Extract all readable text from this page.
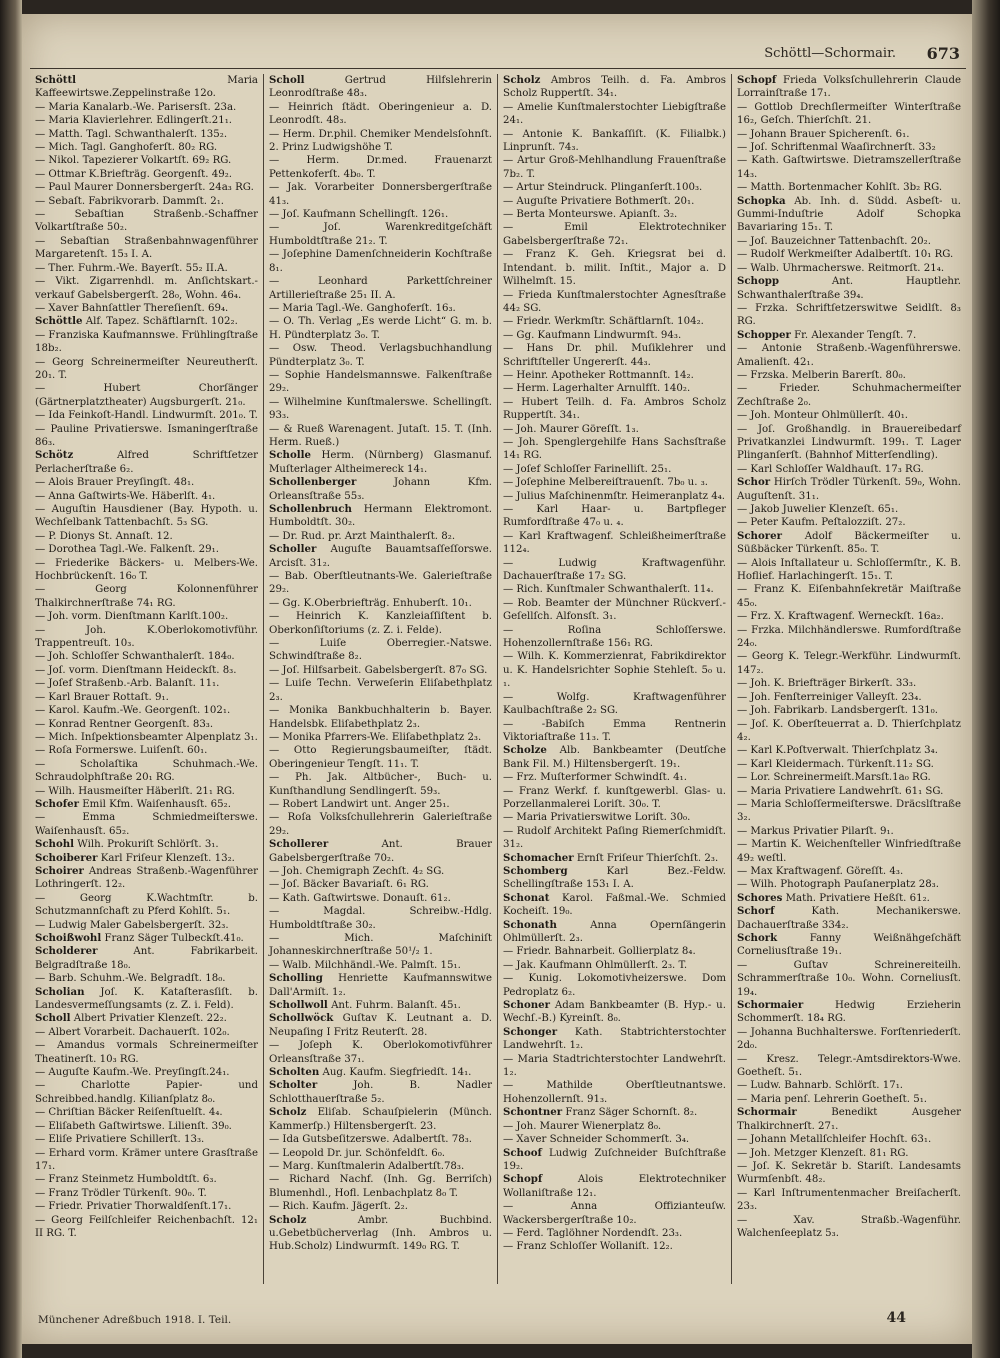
Schöttl—Schormair. 673
Schöttl	Maria Kaffeewirtswe.Zeppelinstraße 12o.
— Maria Kanalarb.-We. Parisersſt. 23a.
— Maria Klavierlehrer. Edlingerſt.21₁.
— Matth. Tagl. Schwanthalerſt. 135₂.
— Mich. Tagl. Ganghoferſt. 80₂ RG.
— Nikol. Tapezierer Volkartſt. 69₂ RG.
— Ottmar K.Briefträg. Georgenſt. 49₂.
— Paul Maurer Donnersbergerſt. 24a₃ RG.
— Sebaſt. Fabrikvorarb. Dammſt. 2₁.
— Sebaſtian Straßenb.-Schaffner Volkartſtraße 50₂.
— Sebaſtian Straßenbahnwagenführer Margaretenſt. 15₃ I. A.
— Ther. Fuhrm.-We. Bayerſt. 55₂ II.A.
— Vikt. Zigarrenhdl. m. Anſichtskart.-verkauf Gabelsbergerſt. 28₀, Wohn. 46₄.
— Xaver Bahnſattler Thereſienſt. 69₄.
Schöttle Alf. Tapez. Schäftlarnſt. 102₂.
— Franziska Kaufmannswe. Frühlingſtraße 18b₂.
— Georg Schreinermeiſter Neureutherſt. 20₁. T.
— Hubert Chorſänger (Gärtnerplatztheater) Augsburgerſt. 21₀.
— Ida Feinkoſt-Handl. Lindwurmſt. 201₀. T.
— Pauline Privatierswe. Ismaningerſtraße 86₃.
Schötz	Alfred Schriftſetzer Perlacherſtraße 6₂.
— Alois Brauer Preyſingſt. 48₁.
— Anna Gaſtwirts-We. Häberlſt. 4₁.
— Auguſtin Hausdiener (Bay. Hypoth. u. Wechſelbank Tattenbachſt. 5₃ SG.
— P. Dionys St. Annaſt. 12.
— Dorothea Tagl.-We. Falkenſt. 29₁.
— Friederike Bäckers- u. Melbers-We. Hochbrückenſt. 16₀ T.
— Georg Kolonnenführer Thalkirchnerſtraße 74₁ RG.
— Joh. vorm. Dienſtmann Karlſt.100₂.
— Joh. K.Oberlokomotivführ. Trappentreuſt. 10₃.
— Joh. Schloſſer Schwanthalerſt. 184₀.
— Joſ. vorm. Dienſtmann Heideckſt. 8₃.
— Joſef Straßenb.-Arb. Balanſt. 11₁.
— Karl Brauer Rottaſt. 9₁.
— Karol. Kaufm.-We. Georgenſt. 102₁.
— Konrad Rentner Georgenſt. 83₃.
— Mich. Inſpektionsbeamter Alpenplatz 3₁.
— Roſa Formerswe. Luiſenſt. 60₁.
— Scholaſtika Schuhmach.-We. Schraudolphſtraße 20₁ RG.
— Wilh. Hausmeiſter Häberlſt. 21₁ RG.
Schofer Emil Kfm. Waiſenhausſt. 65₂.
— Emma Schmiedmeiſterswe. Waiſenhausſt. 65₂.
Schohl Wilh. Prokuriſt Schlörſt. 3₁.
Schoiberer Karl Friſeur Klenzeſt. 13₂.
Schoirer Andreas Straßenb.-Wagenführer Lothringerſt. 12₂.
— Georg K.Wachtmſtr. b. Schutzmannſchaft zu Pferd Kohlſt. 5₁.
— Ludwig Maler Gabelsbergerſt. 32₃.
Schoißwohl Franz Säger Tulbeckſt.41₀.
Scholderer	Ant. Fabrikarbeit. Belgradſtraße 18₀.
— Barb. Schuhm.-We. Belgradſt. 18₀.
Scholian Joſ. K. Kataſterasſiſt. b. Landesvermeſſungsamts (z. Z. i. Feld).
Scholl Albert Privatier Klenzeſt. 22₂.
— Albert Vorarbeit. Dachauerſt. 102₀.
— Amandus vormals Schreinermeiſter Theatinerſt. 10₃ RG.
— Auguſte Kaufm.-We. Preyſingſt.24₁.
— Charlotte Papier- und Schreibbed.handlg. Kilianſplatz 8₀.
— Chriſtian Bäcker Reiſenſtuelſt. 4₄.
— Eliſabeth Gaſtwirtswe. Lilienſt. 39₀.
— Eliſe Privatiere Schillerſt. 13₃.
— Erhard vorm. Krämer untere Grasſtraße 17₁.
— Franz Steinmetz Humboldtſt. 6₃.
— Franz Trödler Türkenſt. 90₀. T.
— Friedr. Privatier Thorwaldſenſt.17₁.
— Georg Feilſchleifer Reichenbachſt. 12₁ II RG. T.
Scholl	Gertrud Hilfslehrerin Leonrodſtraße 48₃.
— Heinrich ſtädt. Oberingenieur a. D. Leonrodſt. 48₃.
— Herm. Dr.phil. Chemiker Mendelsſohnſt. 2. Prinz Ludwigshöhe T.
— Herm. Dr.med. Frauenarzt Pettenkoferſt. 4b₀. T.
— Jak. Vorarbeiter Donnersbergerſtraße 41₃.
— Joſ. Kaufmann Schellingſt. 126₁.
— Joſ. Warenkreditgeſchäft Humboldtſtraße 21₂. T.
— Joſephine Damenſchneiderin Kochſtraße 8₁.
— Leonhard Parkettſchreiner Artillerieſtraße 25₁ II. A.
— Maria Tagl.-We. Ganghoferſt. 16₃.
— O. Th. Verlag „Es werde Licht“ G. m. b. H. Pündterplatz 3₀. T.
— Osw. Theod. Verlagsbuchhandlung Pündterplatz 3₀. T.
— Sophie Handelsmannswe. Falkenſtraße 29₂.
— Wilhelmine Kunſtmalerswe. Schellingſt. 93₃.
— & Rueß Warenagent. Jutaſt. 15. T. (Inh. Herm. Rueß.)
Scholle Herm. (Nürnberg) Glasmanuf. Muſterlager Altheimereck 14₁.
Schollenberger	Johann Kfm. Orleansſtraße 55₃.
Schollenbruch Hermann Elektromont. Humboldtſt. 30₂.
— Dr. Rud. pr. Arzt Mainthalerſt. 8₂.
Scholler Auguſte Bauamtsaſſeſſorswe. Arcisſt. 31₂.
— Bab. Oberſtleutnants-We. Galerieſtraße 29₂.
— Gg. K.Oberbriefträg. Enhuberſt. 10₁.
— Heinrich K. Kanzleiaſſiſtent b. Oberkonſiſtoriums (z. Z. i. Felde).
— Luiſe Oberregier.-Natswe. Schwindſtraße 8₂.
— Joſ. Hilfsarbeit. Gabelsbergerſt. 87₀ SG.
— Luiſe Techn. Verweſerin Eliſabethplatz 2₃.
— Monika Bankbuchhalterin b. Bayer. Handelsbk. Eliſabethplatz 2₃.
— Monika Pfarrers-We. Eliſabethplatz 2₃.
— Otto Regierungsbaumeiſter, ſtädt. Oberingenieur Tengſt. 11₁. T.
— Ph. Jak. Altbücher-, Buch- u. Kunſthandlung Sendlingerſt. 59₃.
— Robert Landwirt unt. Anger 25₁.
— Roſa Volksſchullehrerin Galerieſtraße 29₂.
Schollerer	Ant. Brauer Gabelsbergerſtraße 70₂.
— Joh. Chemigraph Zechſt. 4₂ SG.
— Joſ. Bäcker Bavariaſt. 6₁ RG.
— Kath. Gaſtwirtswe. Donauſt. 61₂.
— Magdal. Schreibw.-Hdlg. Humboldtſtraße 30₂.
— Mich. Maſchiniſt Johanneskirchnerſtraße 50¹/₂ 1.
— Walb. Milchhändl.-We. Palmſt. 15₁.
Scholling Henriette Kaufmannswitwe Dall'Armiſt. 1₂.
Schollwoll Ant. Fuhrm. Balanſt. 45₁.
Schollwöck Guſtav K. Leutnant a. D. Neupaſing I Fritz Reuterſt. 28.
— Joſeph K. Oberlokomotivführer Orleansſtraße 37₁.
Scholten Aug. Kaufm. Siegfriedſt. 14₁.
Scholter	Joh. B. Nadler Schlotthauerſtraße 5₂.
Scholz Eliſab. Schauſpielerin (Münch. Kammerſp.) Hiltensbergerſt. 23.
— Ida Gutsbeſitzerswe. Adalbertſt. 78₃.
— Leopold Dr. jur. Schönfeldſt. 6₀.
— Marg. Kunſtmalerin Adalbertſt.78₃.
— Richard Nachf. (Inh. Gg. Berriſch) Blumenhdl., Hofl. Lenbachplatz 8₀ T.
— Rich. Kaufm. Jägerſt. 2₂.
Scholz	Ambr. Buchbind. u.Gebetbücherverlag (Inh. Ambros u. Hub.Scholz) Lindwurmſt. 149₀ RG. T.
Scholz Ambros Teilh. d. Fa. Ambros Scholz Ruppertſt. 34₁.
— Amelie Kunſtmalerstochter Liebigſtraße 24₁.
— Antonie K. Bankaſſiſt. (K. Filialbk.) Linprunſt. 74₃.
— Artur Groß-Mehlhandlung Frauenſtraße 7b₂. T.
— Artur Steindruck. Plinganſerſt.100₃.
— Auguſte Privatiere Bothmerſt. 20₁.
— Berta Monteurswe. Apianſt. 3₂.
— Emil Elektrotechniker Gabelsbergerſtraße 72₁.
— Franz K. Geh. Kriegsrat bei d. Intendant. b. milit. Inſtit., Major a. D Wilhelmſt. 15.
— Frieda Kunſtmalerstochter Agnesſtraße 44₂ SG.
— Friedr. Werkmſtr. Schäftlarnſt. 104₂.
— Gg. Kaufmann Lindwurmſt. 94₃.
— Hans Dr. phil. Muſiklehrer und Schriftſteller Ungererſt. 44₃.
— Heinr. Apotheker Rottmannſt. 14₂.
— Herm. Lagerhalter Arnulfſt. 140₂.
— Hubert Teilh. d. Fa. Ambros Scholz Ruppertſt. 34₁.
— Joh. Maurer Göreſſt. 1₃.
— Joh. Spenglergehilfe Hans Sachsſtraße 14₁ RG.
— Joſef Schloſſer Farinelliſt. 25₁.
— Joſephine Melbereiſtrauenſt. 7b₀ u. ₃.
— Julius Maſchinenmſtr. Heimeranplatz 4₄.
— Karl Haar- u. Bartpfleger Rumfordſtraße 47₀ u. ₄.
— Karl Kraftwagenf. Schleißheimerſtraße 112₄.
— Ludwig Kraftwagenführ. Dachauerſtraße 17₂ SG.
— Rich. Kunſtmaler Schwanthalerſt. 11₄.
— Rob. Beamter der Münchner Rückverſ.-Geſellſch. Alfonsſt. 3₁.
— Roſina Schloſſerswe. Hohenzollernſtraße 156₁ RG.
— Wilh. K. Kommerzienrat, Fabrikdirektor u. K. Handelsrichter Sophie Stehleſt. 5₀ u. ₁.
— Wolfg. Kraftwagenführer Kaulbachſtraße 2₂ SG.
— -Babiſch Emma Rentnerin Viktoriaſtraße 11₃. T.
Scholze Alb. Bankbeamter (Deutſche Bank Fil. M.) Hiltensbergerſt. 19₁.
— Frz. Muſterformer Schwindſt. 4₁.
— Franz Werkf. f. kunſtgewerbl. Glas- u. Porzellanmalerei Loriſt. 30₀. T.
— Maria Privatierswitwe Loriſt. 30₀.
— Rudolf Architekt Paſing Riemerſchmidſt. 31₂.
Schomacher Ernſt Friſeur Thierſchſt. 2₃.
Schomberg	Karl Bez.-Feldw. Schellingſtraße 153₁ I. A.
Schonat Karol. Faßmal.-We. Schmied Kocheiſt. 19₀.
Schonath	Anna Opernſängerin Ohlmüllerſt. 2₃.
— Friedr. Bahnarbeit. Gollierplatz 8₄.
— Jak. Kaufmann Ohlmüllerſt. 2₃. T.
— Kunig. Lokomotivheizerswe. Dom Pedroplatz 6₂.
Schoner Adam Bankbeamter (B. Hyp.- u. Wechſ.-B.) Kyreinſt. 8₀.
Schonger Kath. Stabtrichterstochter Landwehrſt. 1₂.
— Maria Stadtrichterstochter Landwehrſt. 1₂.
— Mathilde Oberſtleutnantswe. Hohenzollernſt. 91₃.
Schontner Franz Säger Schornſt. 8₂.
— Joh. Maurer Wienerplatz 8₀.
— Xaver Schneider Schommerſt. 3₄.
Schoof Ludwig Zuſchneider Buſchſtraße 19₂.
Schopf	Alois Elektrotechniker Wollaniſtraße 12₁.
— Anna Offizianteuſw. Wackersbergerſtraße 10₂.
— Ferd. Taglöhner Nordendſt. 23₃.
— Franz Schloſſer Wollaniſt. 12₂.
Schopf Frieda Volksſchullehrerin Claude Lorrainſtraße 17₁.
— Gottlob Drechſlermeiſter Winterſtraße 16₂, Geſch. Thierſchſt. 21.
— Johann Brauer Spicherenſt. 6₁.
— Joſ. Schriftenmal Waaſirchnerſt. 33₂
— Kath. Gaſtwirtswe. Dietramszellerſtraße 14₃.
— Matth. Bortenmacher Kohlſt. 3b₂ RG.
Schopka Ab. Inh. d. Südd. Asbeſt- u. Gummi-Induſtrie Adolf Schopka Bavariaring 15₁. T.
— Joſ. Bauzeichner Tattenbachſt. 20₂.
— Rudolf Werkmeiſter Adalbertſt. 10₁ RG.
— Walb. Uhrmacherswe. Reitmorſt. 21₄.
Schopp	Ant. Hauptlehr. Schwanthalerſtraße 39₄.
— Frzka. Schriftſetzerswitwe Seidlſt. 8₃ RG.
Schopper Fr. Alexander Tengſt. 7.
— Antonie Straßenb.-Wagenführerswe. Amalienſt. 42₁.
— Frzska. Melberin Barerſt. 80₀.
— Frieder. Schuhmachermeiſter Zechſtraße 2₀.
— Joh. Monteur Ohlmüllerſt. 40₁.
— Joſ. Großhandlg. in Brauereibedarf Privatkanzlei Lindwurmſt. 199₁. T. Lager Plinganſerſt. (Bahnhof Mitterſendling).
— Karl Schloſſer Waldhauſt. 17₃ RG.
Schor Hirſch Trödler Türkenſt. 59₀, Wohn. Auguſtenſt. 31₁.
— Jakob Juwelier Klenzeſt. 65₁.
— Peter Kaufm. Peſtalozziſt. 27₂.
Schorer Adolf Bäckermeiſter u. Süßbäcker Türkenſt. 85₀. T.
— Alois Inſtallateur u. Schloſſermſtr., K. B. Hoflief. Harlachingerſt. 15₁. T.
— Franz K. Eiſenbahnſekretär Maiſtraße 45₀.
— Frz. X. Kraftwagenf. Werneckſt. 16a₂.
— Frzka. Milchhändlerswe. Rumfordſtraße 24₀.
— Georg K. Telegr.-Werkführ. Lindwurmſt. 147₂.
— Joh. K. Briefträger Birkerſt. 33₃.
— Joh. Fenſterreiniger Valleyſt. 23₄.
— Joh. Fabrikarb. Landsbergerſt. 131₀.
— Joſ. K. Oberſteuerrat a. D. Thierſchplatz 4₂.
— Karl K.Poſtverwalt. Thierſchplatz 3₄.
— Karl Kleidermach. Türkenſt.11₂ SG.
— Lor. Schreinermeiſt.Marsſt.1a₀ RG.
— Maria Privatiere Landwehrſt. 61₁ SG.
— Maria Schloſſermeiſterswe. Dräcslſtraße 3₂.
— Markus Privatier Pilarſt. 9₁.
— Martin K. Weichenſteller Winfriedſtraße 49₂ weſtl.
— Max Kraftwagenf. Göreſſt. 4₃.
— Wilh. Photograph Pauſanerplatz 28₃.
Schores Math. Privatiere Heßſt. 61₂.
Schorf	Kath. Mechanikerswe. Dachauerſtraße 334₂.
Schork	Fanny Weißnähgeſchäft Corneliusſtraße 19₁.
— Guſtav Schreinereiteilh. Schrammerſtraße 10₀. Wohn. Corneliusſt. 19₄.
Schormaier	Hedwig Erzieherin Schommerſt. 18₄ RG.
— Johanna Buchhalterswe. Forſtenriederſt. 2d₀.
— Kresz. Telegr.-Amtsdirektors-Wwe. Goetheſt. 5₁.
— Ludw. Bahnarb. Schlörſt. 17₁.
— Maria penſ. Lehrerin Goetheſt. 5₁.
Schormair	Benedikt Ausgeher Thalkirchnerſt. 27₁.
— Johann Metallſchleifer Hochſt. 63₁.
— Joh. Metzger Klenzeſt. 81₁ RG.
— Joſ. K. Sekretär b. Stariſt. Landesamts Wurmſenbſt. 48₂.
— Karl Inſtrumentenmacher Breiſacherſt. 23₃.
— Xav. Straßb.-Wagenführ. Walchenſeeplatz 5₃.
Münchener Adreßbuch 1918. I. Teil.	44
